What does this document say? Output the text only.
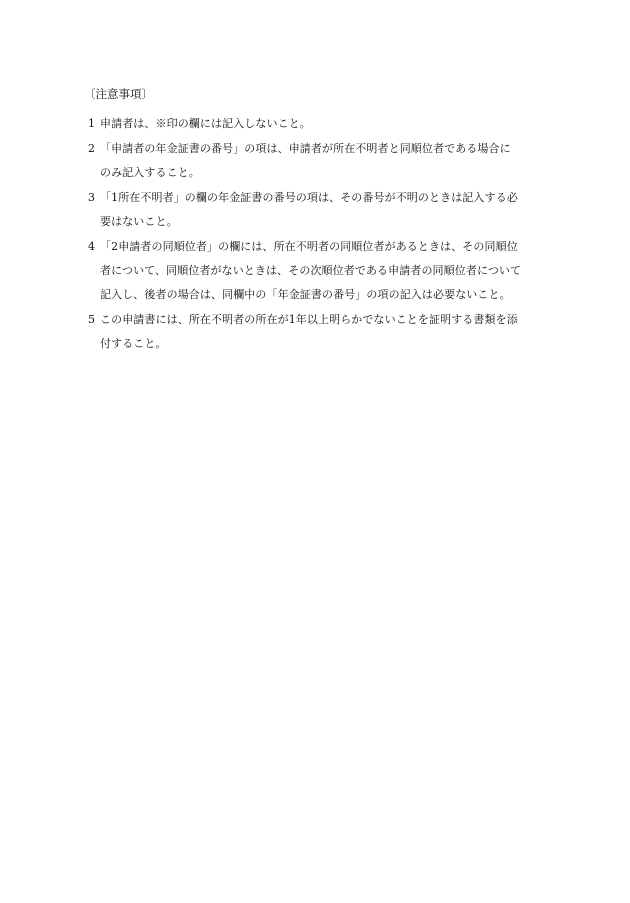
〔注意事項〕
1 申請者は、※印の欄には記入しないこと。
2 「申請者の年金証書の番号」の項は、申請者が所在不明者と同順位者である場合に
のみ記入すること。
3 「1所在不明者」の欄の年金証書の番号の項は、その番号が不明のときは記入する必
要はないこと。
4 「2申請者の同順位者」の欄には、所在不明者の同順位者があるときは、その同順位
者について、同順位者がないときは、その次順位者である申請者の同順位者について
記入し、後者の場合は、同欄中の「年金証書の番号」の項の記入は必要ないこと。
5 この申請書には、所在不明者の所在が1年以上明らかでないことを証明する書類を添
付すること。
